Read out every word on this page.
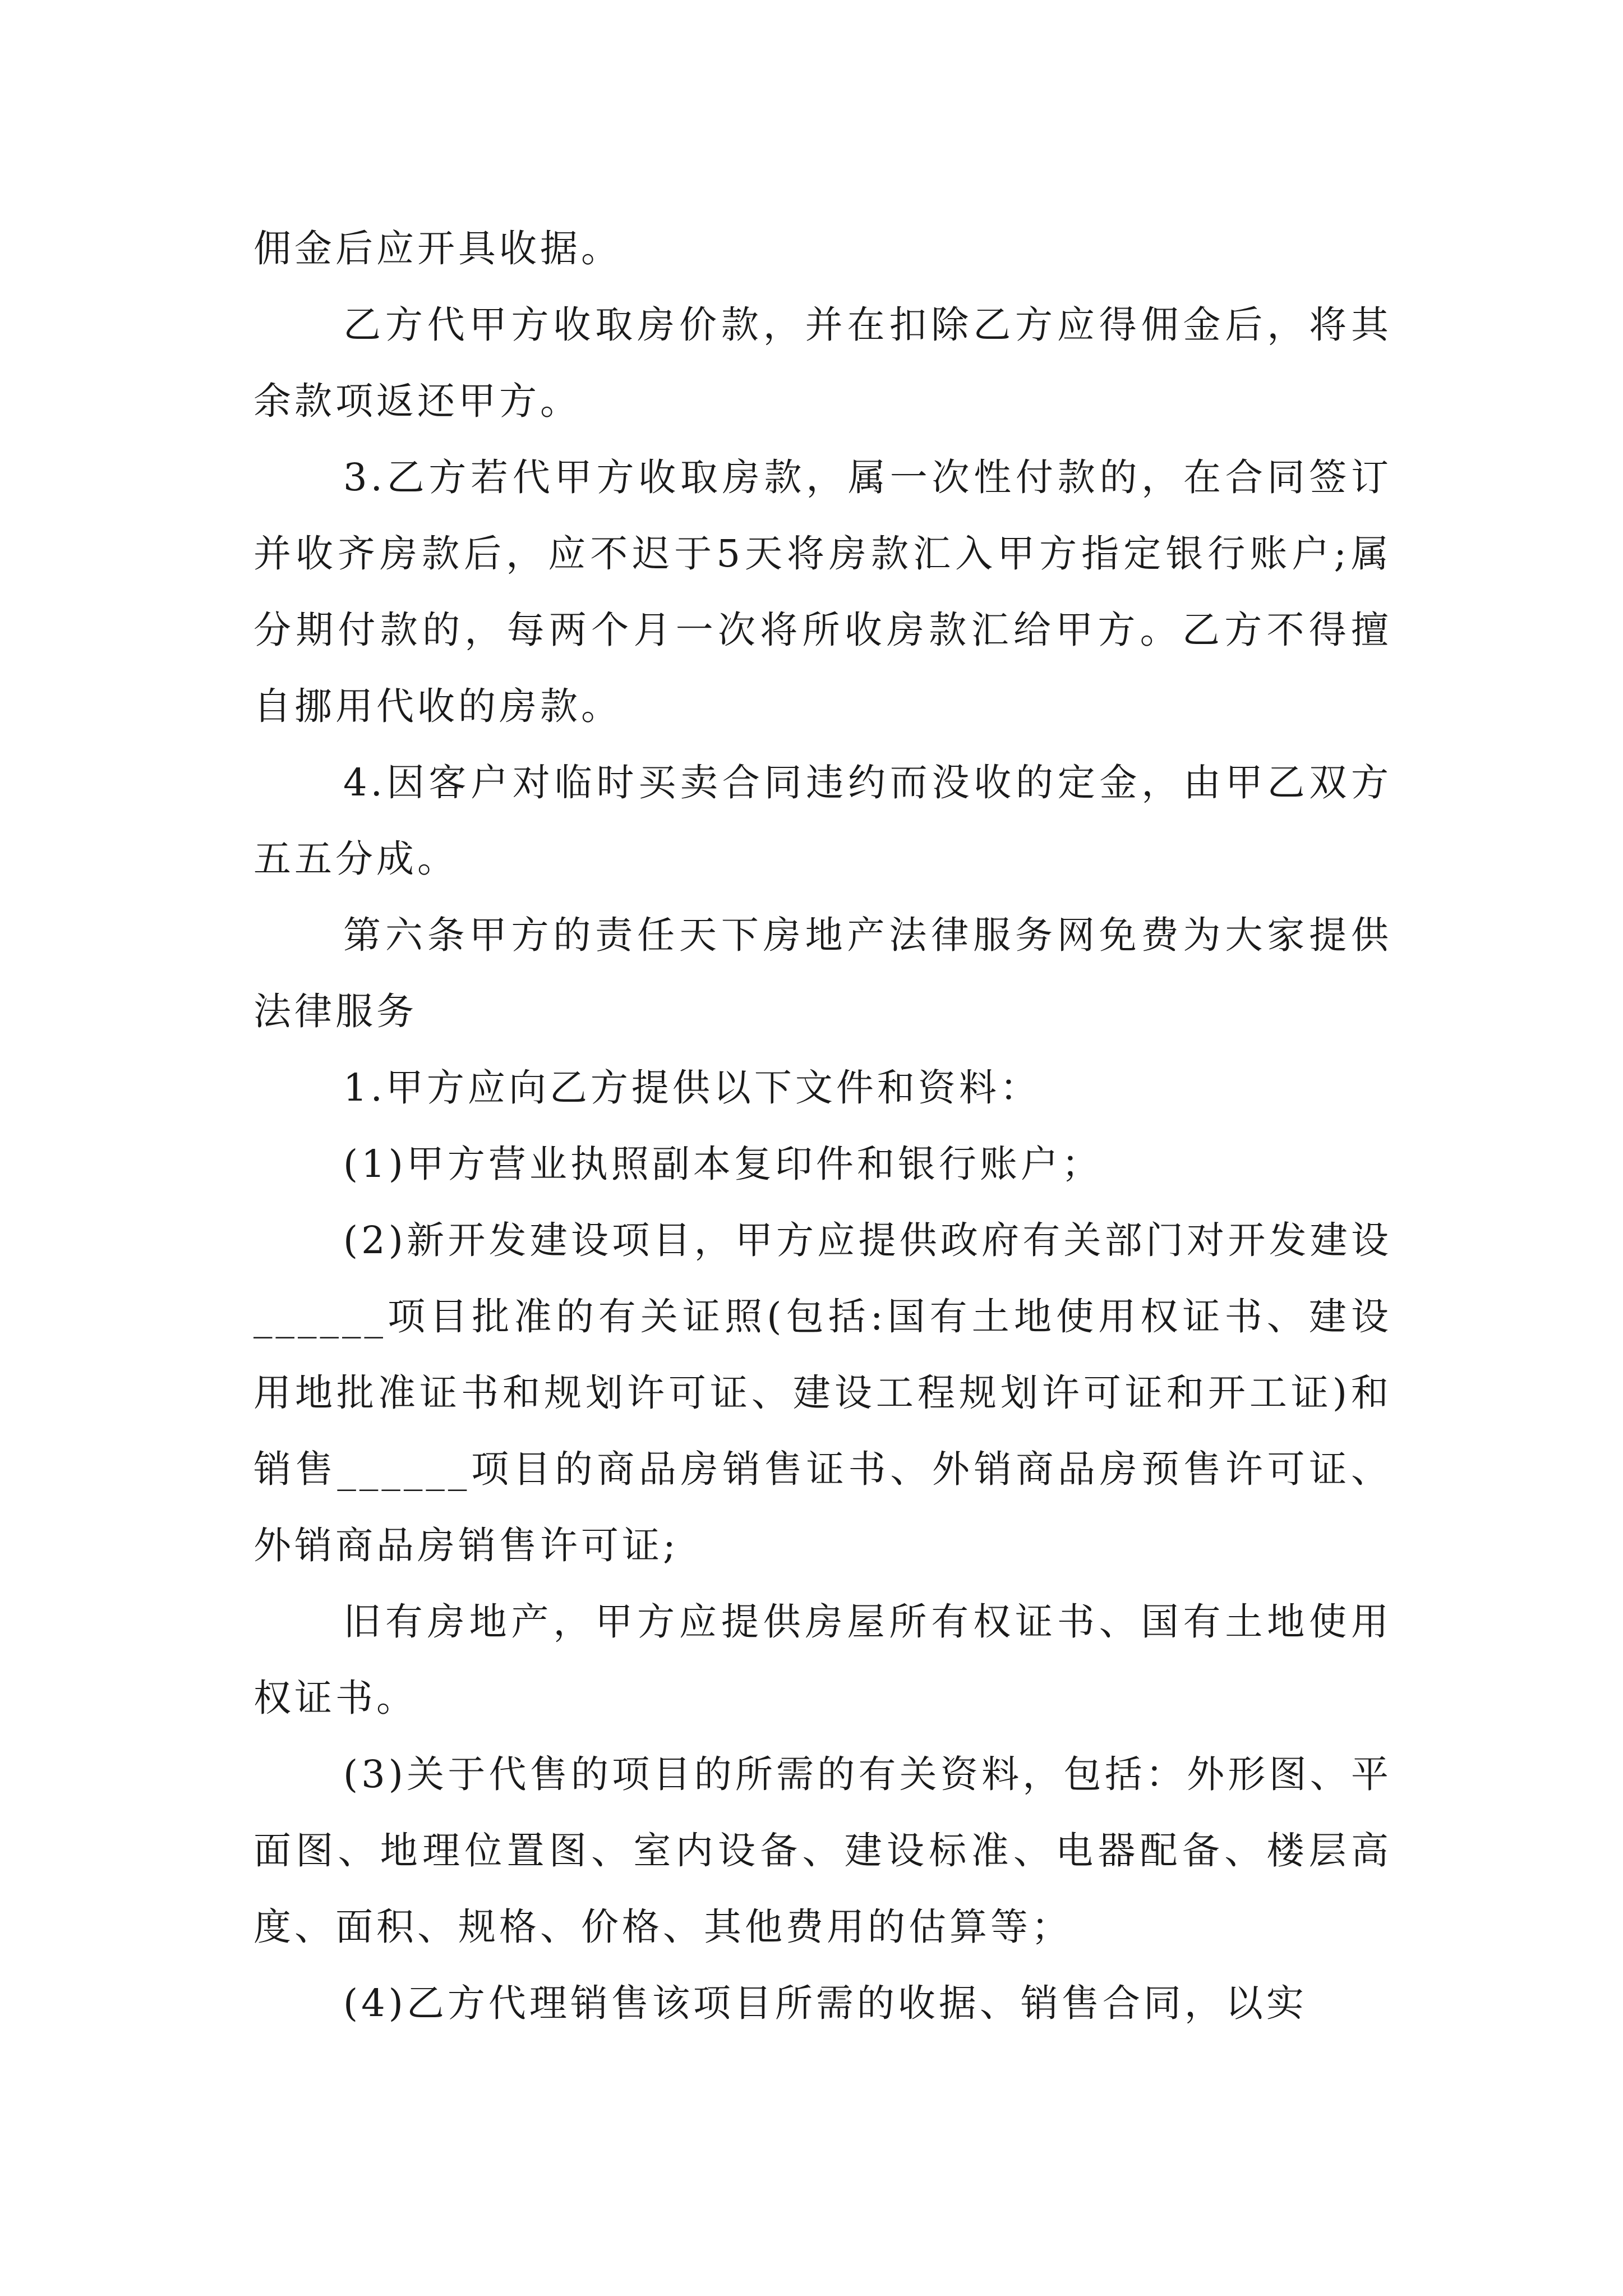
佣金后应开具收据。

乙方代甲方收取房价款，并在扣除乙方应得佣金后，将其余款项返还甲方。

3.乙方若代甲方收取房款，属一次性付款的，在合同签订并收齐房款后，应不迟于5天将房款汇入甲方指定银行账户;属分期付款的，每两个月一次将所收房款汇给甲方。乙方不得擅自挪用代收的房款。

4.因客户对临时买卖合同违约而没收的定金，由甲乙双方五五分成。

第六条甲方的责任天下房地产法律服务网免费为大家提供法律服务

1.甲方应向乙方提供以下文件和资料：

(1)甲方营业执照副本复印件和银行账户；

(2)新开发建设项目，甲方应提供政府有关部门对开发建设______项目批准的有关证照(包括:国有土地使用权证书、建设用地批准证书和规划许可证、建设工程规划许可证和开工证)和销售______项目的商品房销售证书、外销商品房预售许可证、外销商品房销售许可证;

旧有房地产，甲方应提供房屋所有权证书、国有土地使用权证书。

(3)关于代售的项目的所需的有关资料，包括：外形图、平面图、地理位置图、室内设备、建设标准、电器配备、楼层高度、面积、规格、价格、其他费用的估算等；

(4)乙方代理销售该项目所需的收据、销售合同，以实
